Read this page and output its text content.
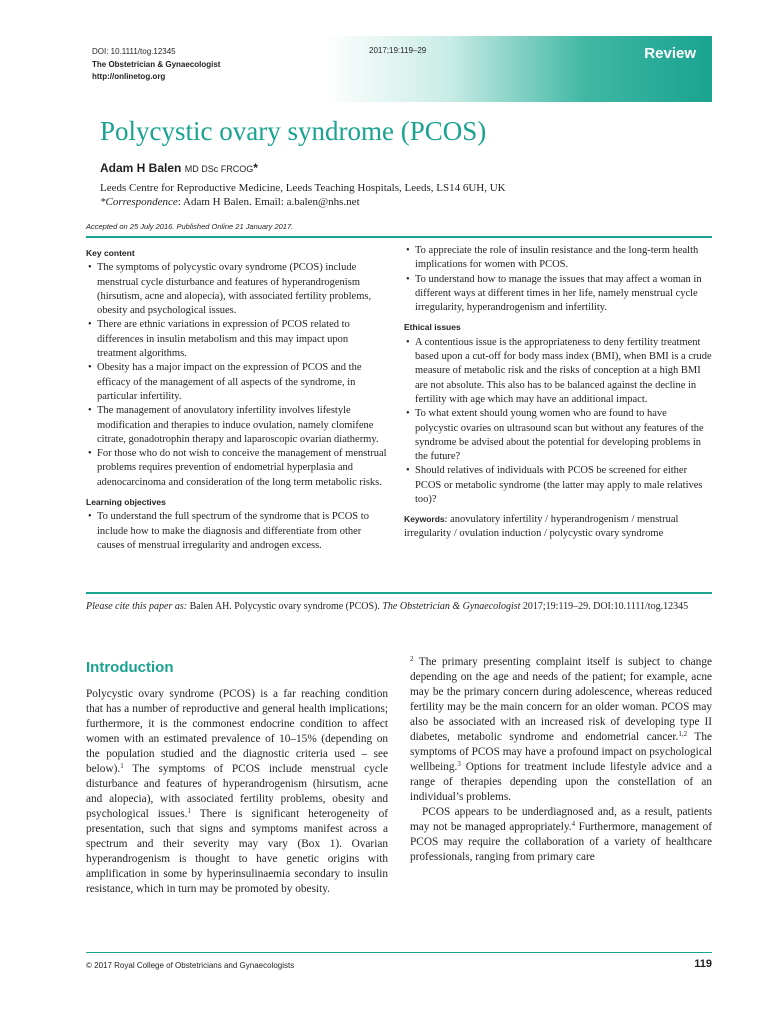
DOI: 10.1111/tog.12345
The Obstetrician & Gynaecologist
http://onlinetog.org
2017;19:119–29	Review
Polycystic ovary syndrome (PCOS)
Adam H Balen MD DSc FRCOG*
Leeds Centre for Reproductive Medicine, Leeds Teaching Hospitals, Leeds, LS14 6UH, UK
*Correspondence: Adam H Balen. Email: a.balen@nhs.net
Accepted on 25 July 2016. Published Online 21 January 2017.
Key content
• The symptoms of polycystic ovary syndrome (PCOS) include menstrual cycle disturbance and features of hyperandrogenism (hirsutism, acne and alopecia), with associated fertility problems, obesity and psychological issues.
• There are ethnic variations in expression of PCOS related to differences in insulin metabolism and this may impact upon treatment algorithms.
• Obesity has a major impact on the expression of PCOS and the efficacy of the management of all aspects of the syndrome, in particular infertility.
• The management of anovulatory infertility involves lifestyle modification and therapies to induce ovulation, namely clomifene citrate, gonadotrophin therapy and laparoscopic ovarian diathermy.
• For those who do not wish to conceive the management of menstrual problems requires prevention of endometrial hyperplasia and adenocarcinoma and consideration of the long term metabolic risks.
Learning objectives
• To understand the full spectrum of the syndrome that is PCOS to include how to make the diagnosis and differentiate from other causes of menstrual irregularity and androgen excess.
• To appreciate the role of insulin resistance and the long-term health implications for women with PCOS.
• To understand how to manage the issues that may affect a woman in different ways at different times in her life, namely menstrual cycle irregularity, hyperandrogenism and infertility.
Ethical issues
• A contentious issue is the appropriateness to deny fertility treatment based upon a cut-off for body mass index (BMI), when BMI is a crude measure of metabolic risk and the risks of conception at a high BMI are not absolute. This also has to be balanced against the decline in fertility with age which may have an additional impact.
• To what extent should young women who are found to have polycystic ovaries on ultrasound scan but without any features of the syndrome be advised about the potential for developing problems in the future?
• Should relatives of individuals with PCOS be screened for either PCOS or metabolic syndrome (the latter may apply to male relatives too)?
Keywords: anovulatory infertility / hyperandrogenism / menstrual irregularity / ovulation induction / polycystic ovary syndrome
Please cite this paper as: Balen AH. Polycystic ovary syndrome (PCOS). The Obstetrician & Gynaecologist 2017;19:119–29. DOI:10.1111/tog.12345
Introduction

Polycystic ovary syndrome (PCOS) is a far reaching condition that has a number of reproductive and general health implications; furthermore, it is the commonest endocrine condition to affect women with an estimated prevalence of 10–15% (depending on the population studied and the diagnostic criteria used – see below).$^1$ The symptoms of PCOS include menstrual cycle disturbance and features of hyperandrogenism (hirsutism, acne and alopecia), with associated fertility problems, obesity and psychological issues.$^1$ There is significant heterogeneity of presentation, such that signs and symptoms manifest across a spectrum and their severity may vary (Box 1). Ovarian hyperandrogenism is thought to have genetic origins with amplification in some by hyperinsulinaemia secondary to insulin resistance, which in turn may be promoted by obesity.

$^2$ The primary presenting complaint itself is subject to change depending on the age and needs of the patient; for example, acne may be the primary concern during adolescence, whereas reduced fertility may be the main concern for an older woman. PCOS may also be associated with an increased risk of developing type II diabetes, metabolic syndrome and endometrial cancer.$^{1,2}$ The symptoms of PCOS may have a profound impact on psychological wellbeing.$^3$ Options for treatment include lifestyle advice and a range of therapies depending upon the constellation of an individual’s problems.

PCOS appears to be underdiagnosed and, as a result, patients may not be managed appropriately.$^4$ Furthermore, management of PCOS may require the collaboration of a variety of healthcare professionals, ranging from primary care

© 2017 Royal College of Obstetricians and Gynaecologists	119
